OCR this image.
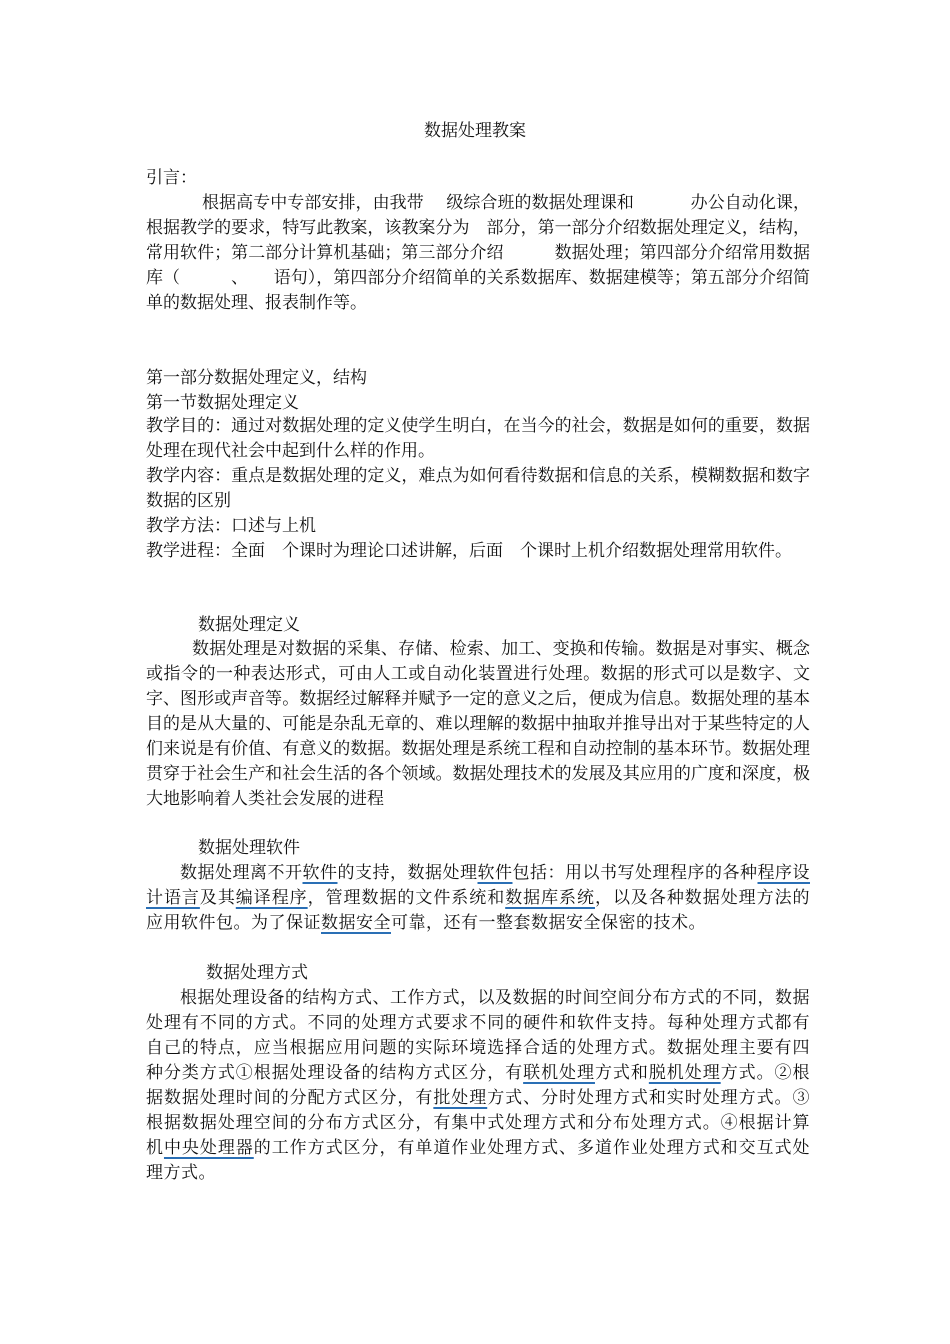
数据处理教案

引言：

根据高专中专部安排，由我带　 级综合班的数据处理课和　　　 办公自动化课，根据教学的要求，特写此教案，该教案分为　部分，第一部分介绍数据处理定义，结构，常用软件；第二部分计算机基础；第三部分介绍　　　数据处理；第四部分介绍常用数据库（　　　、　　语句），第四部分介绍简单的关系数据库、数据建模等；第五部分介绍简单的数据处理、报表制作等。

第一部分数据处理定义，结构

第一节数据处理定义

教学目的：通过对数据处理的定义使学生明白，在当今的社会，数据是如何的重要，数据处理在现代社会中起到什么样的作用。

教学内容：重点是数据处理的定义，难点为如何看待数据和信息的关系，模糊数据和数字数据的区别

教学方法：口述与上机

教学进程：全面　个课时为理论口述讲解，后面　个课时上机介绍数据处理常用软件。

数据处理定义

数据处理是对数据的采集、存储、检索、加工、变换和传输。数据是对事实、概念或指令的一种表达形式，可由人工或自动化装置进行处理。数据的形式可以是数字、文字、图形或声音等。数据经过解释并赋予一定的意义之后，便成为信息。数据处理的基本目的是从大量的、可能是杂乱无章的、难以理解的数据中抽取并推导出对于某些特定的人们来说是有价值、有意义的数据。数据处理是系统工程和自动控制的基本环节。数据处理贯穿于社会生产和社会生活的各个领域。数据处理技术的发展及其应用的广度和深度，极大地影响着人类社会发展的进程

数据处理软件

数据处理离不开软件的支持，数据处理软件包括：用以书写处理程序的各种程序设计语言及其编译程序，管理数据的文件系统和数据库系统，以及各种数据处理方法的应用软件包。为了保证数据安全可靠，还有一整套数据安全保密的技术。

数据处理方式

根据处理设备的结构方式、工作方式，以及数据的时间空间分布方式的不同，数据处理有不同的方式。不同的处理方式要求不同的硬件和软件支持。每种处理方式都有自己的特点，应当根据应用问题的实际环境选择合适的处理方式。数据处理主要有四种分类方式①根据处理设备的结构方式区分，有联机处理方式和脱机处理方式。②根据数据处理时间的分配方式区分，有批处理方式、分时处理方式和实时处理方式。③根据数据处理空间的分布方式区分，有集中式处理方式和分布处理方式。④根据计算机中央处理器的工作方式区分，有单道作业处理方式、多道作业处理方式和交互式处理方式。
